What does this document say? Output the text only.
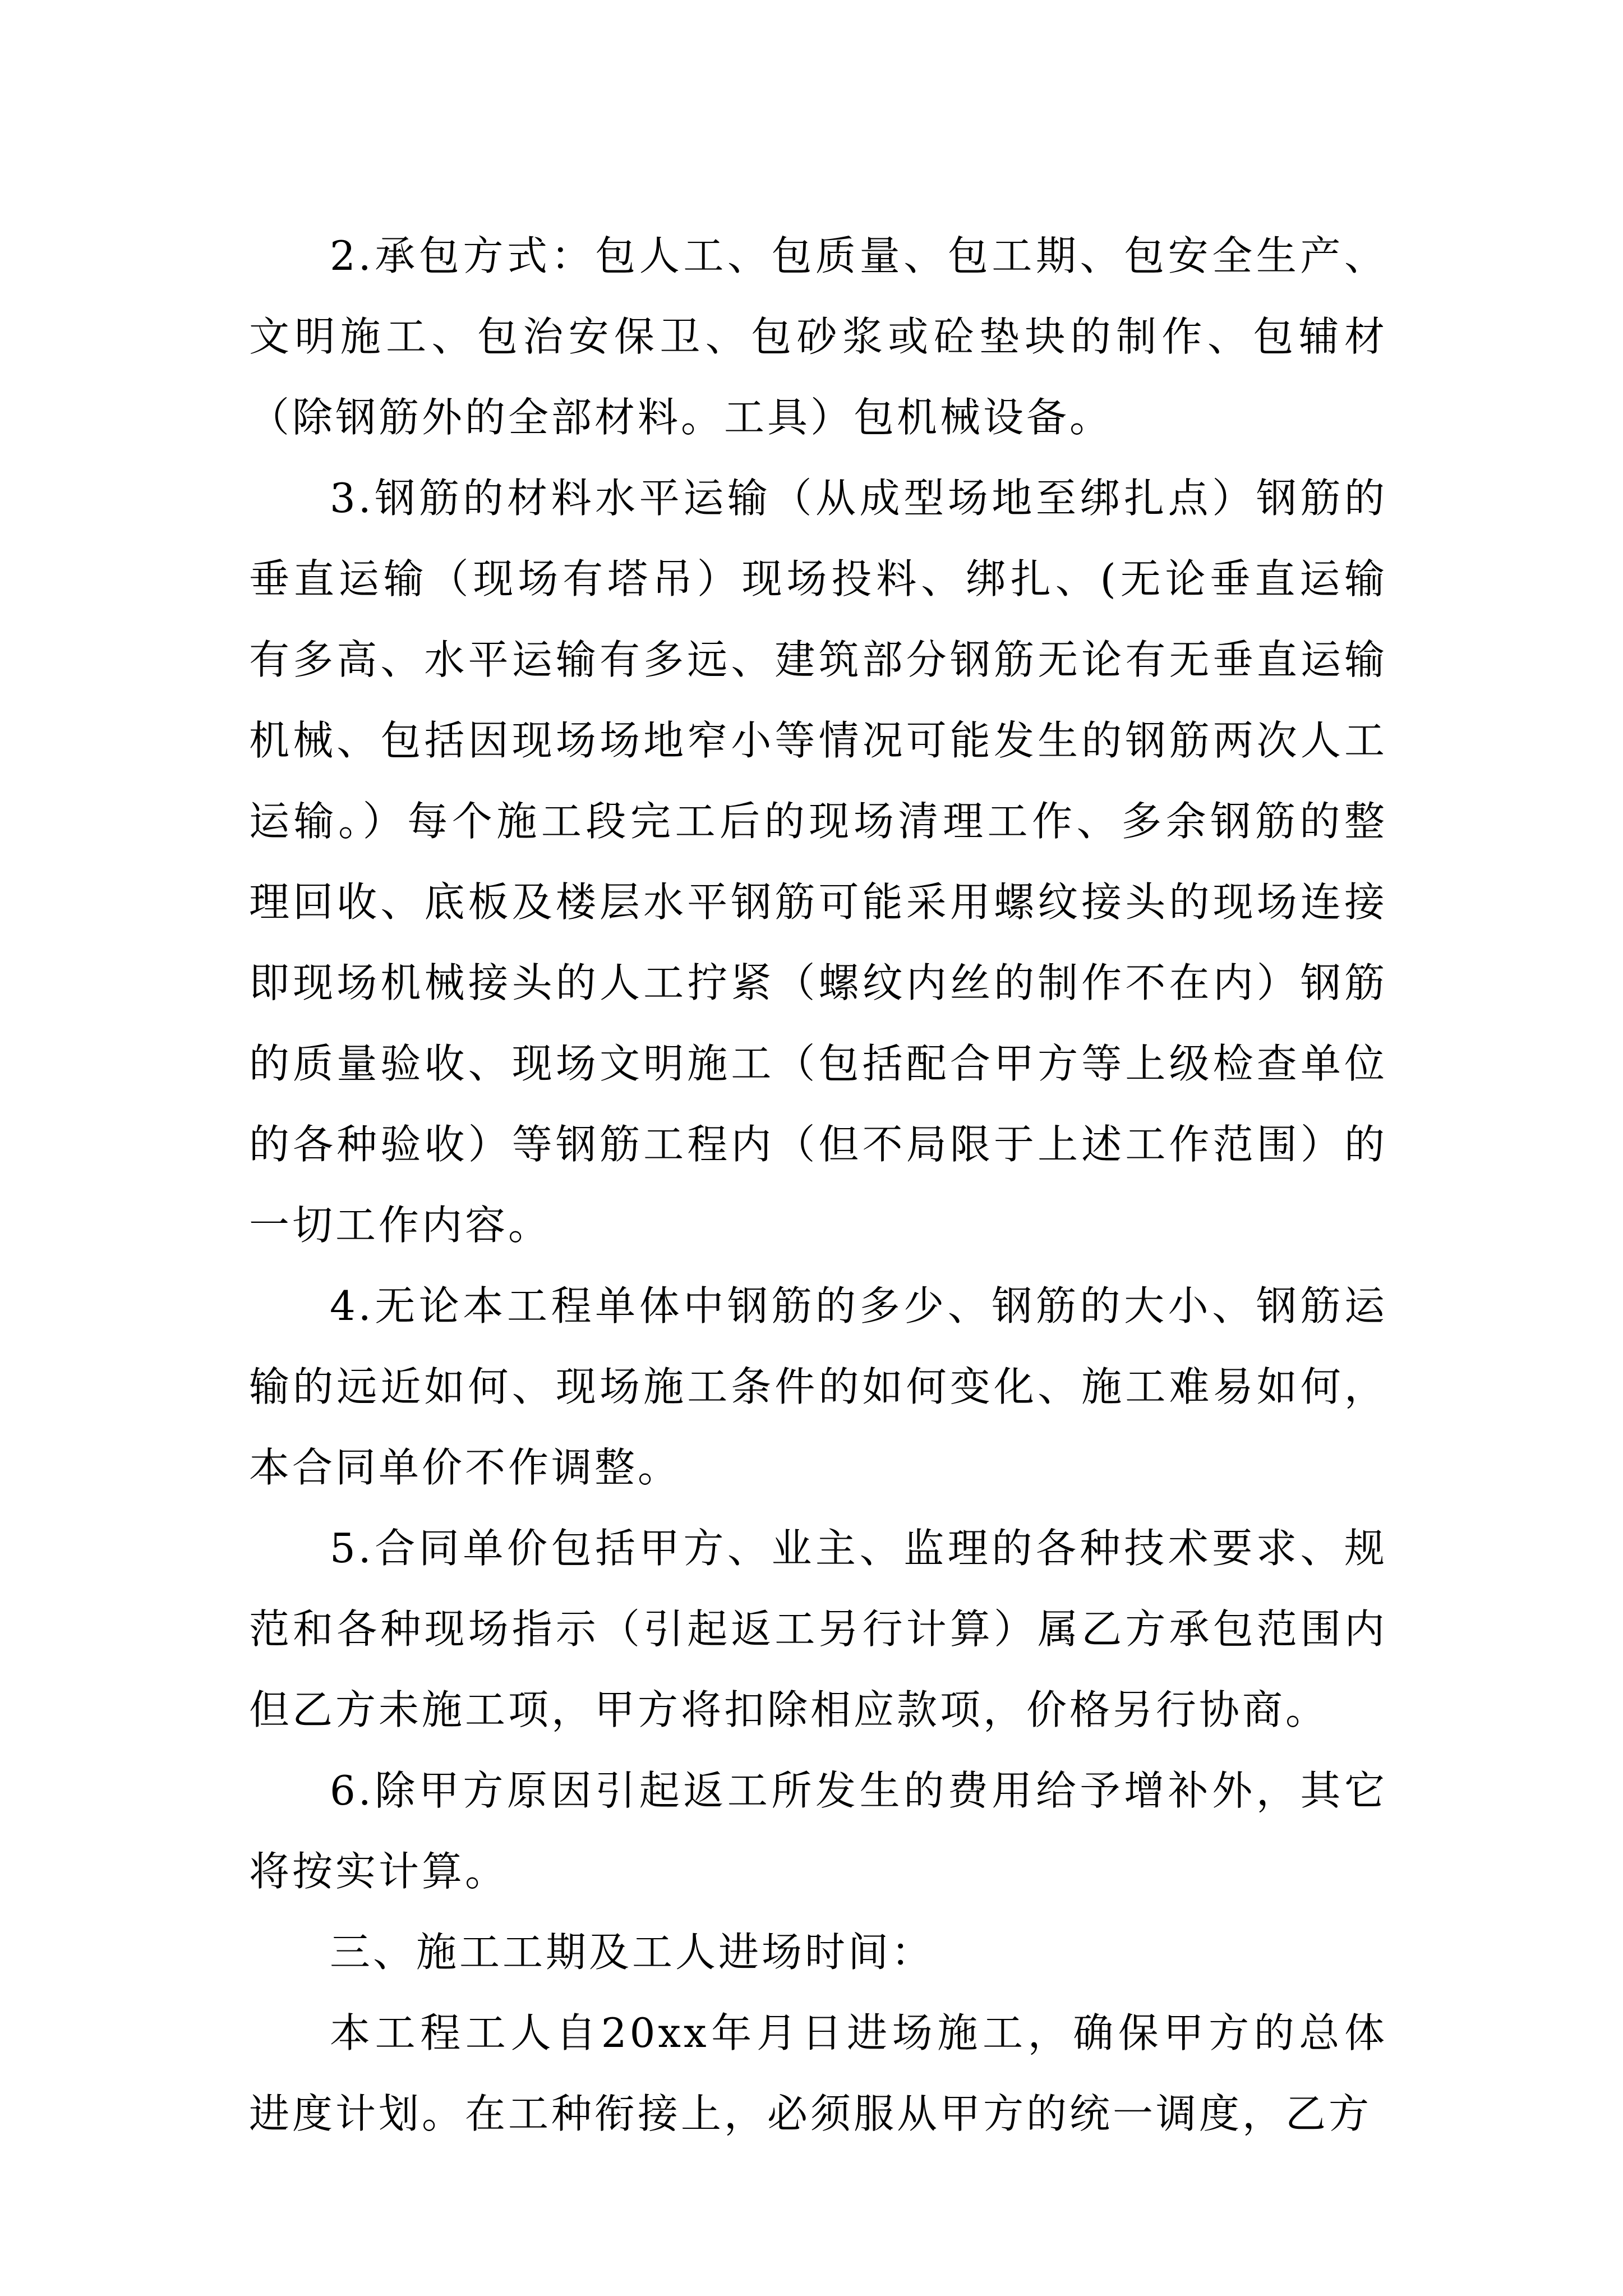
2.承包方式：包人工、包质量、包工期、包安全生产、文明施工、包治安保卫、包砂浆或砼垫块的制作、包辅材（除钢筋外的全部材料。工具）包机械设备。

3.钢筋的材料水平运输（从成型场地至绑扎点）钢筋的垂直运输（现场有塔吊）现场投料、绑扎、(无论垂直运输有多高、水平运输有多远、建筑部分钢筋无论有无垂直运输机械、包括因现场场地窄小等情况可能发生的钢筋两次人工运输。）每个施工段完工后的现场清理工作、多余钢筋的整理回收、底板及楼层水平钢筋可能采用螺纹接头的现场连接即现场机械接头的人工拧紧（螺纹内丝的制作不在内）钢筋的质量验收、现场文明施工（包括配合甲方等上级检查单位的各种验收）等钢筋工程内（但不局限于上述工作范围）的一切工作内容。

4.无论本工程单体中钢筋的多少、钢筋的大小、钢筋运输的远近如何、现场施工条件的如何变化、施工难易如何，本合同单价不作调整。

5.合同单价包括甲方、业主、监理的各种技术要求、规范和各种现场指示（引起返工另行计算）属乙方承包范围内但乙方未施工项，甲方将扣除相应款项，价格另行协商。

6.除甲方原因引起返工所发生的费用给予增补外，其它将按实计算。

三、施工工期及工人进场时间：

本工程工人自20xx年月日进场施工，确保甲方的总体进度计划。在工种衔接上，必须服从甲方的统一调度，乙方
